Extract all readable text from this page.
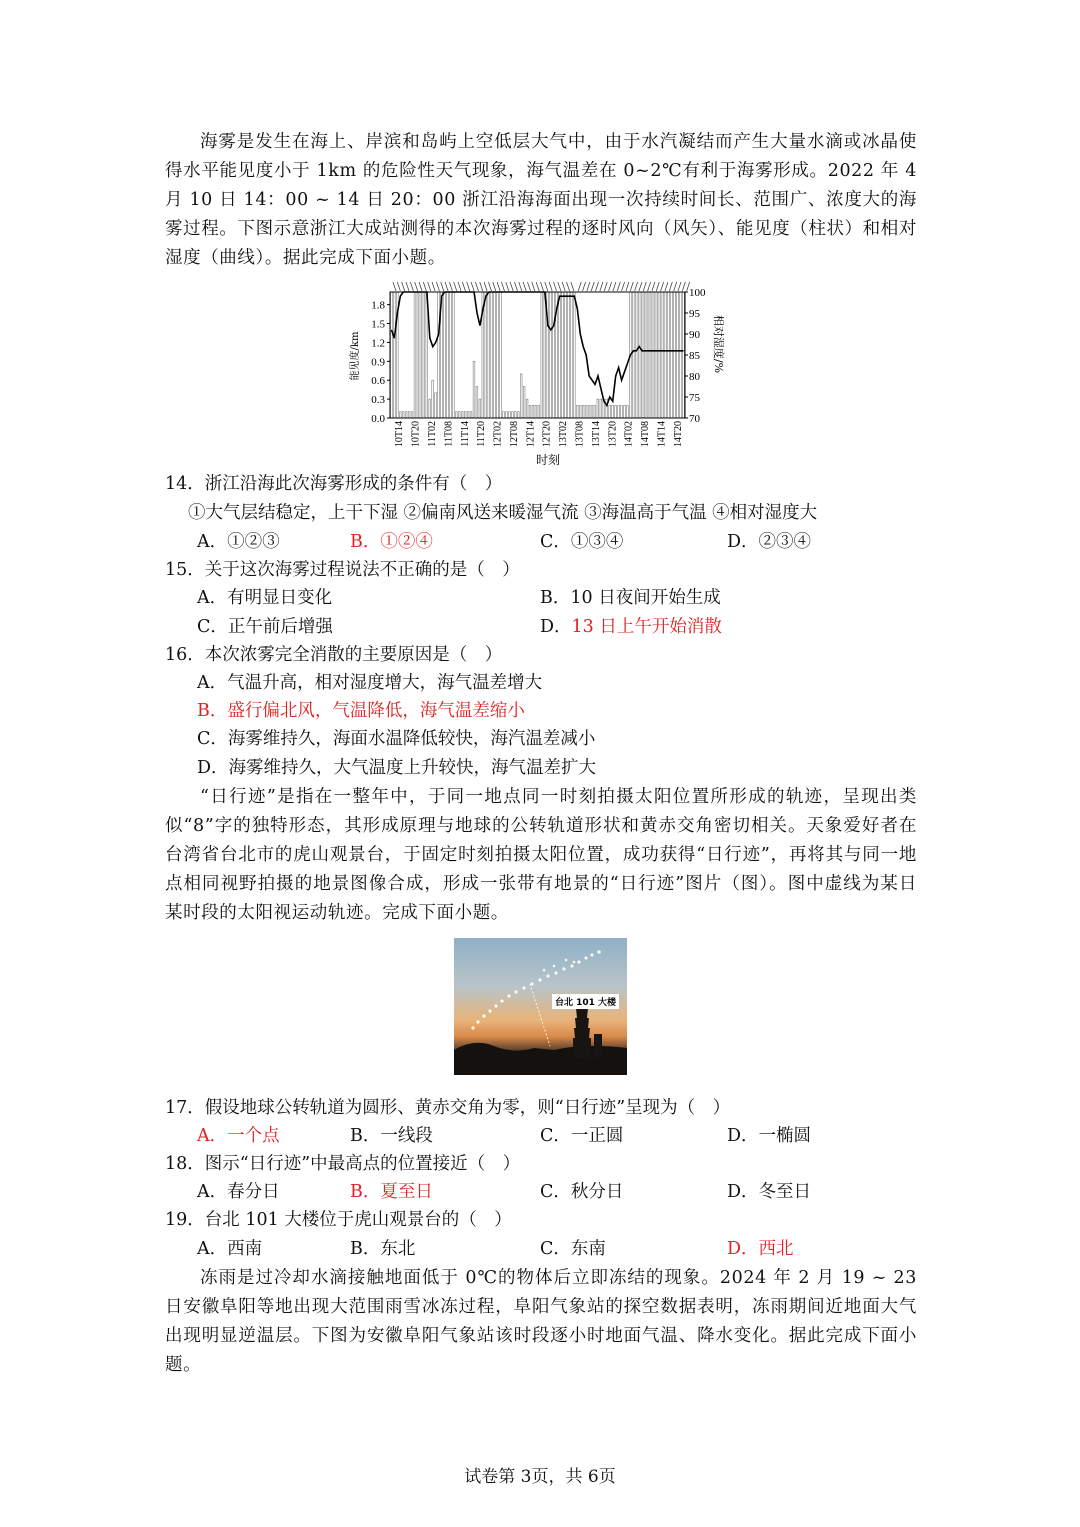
海雾是发生在海上、岸滨和岛屿上空低层大气中，由于水汽凝结而产生大量水滴或冰晶使得水平能见度小于 1km 的危险性天气现象，海气温差在 0~2℃有利于海雾形成。2022 年 4 月 10 日 14：00 ~ 14 日 20：00 浙江沿海海面出现一次持续时间长、范围广、浓度大的海雾过程。下图示意浙江大成站测得的本次海雾过程的逐时风向（风矢）、能见度（柱状）和相对湿度（曲线）。据此完成下面小题。
0.0
0.3
0.6
0.9
1.2
1.5
1.8
70
75
80
85
90
95
100
10T14 10T20 11T02 11T08 11T14 11T20 12T02 12T08 12T14 12T20 13T02 13T08 13T14 13T20 14T02 14T08 14T14 14T20
时刻
能见度/km	相对湿度/%
14．浙江沿海此次海雾形成的条件有（　）
①大气层结稳定，上干下湿 ②偏南风送来暖湿气流 ③海温高于气温 ④相对湿度大
A．①②③	B．①②④	C．①③④	D．②③④
15．关于这次海雾过程说法不正确的是（　）
A．有明显日变化	B．10 日夜间开始生成
C．正午前后增强	D．13 日上午开始消散
16．本次浓雾完全消散的主要原因是（　）
A．气温升高，相对湿度增大，海气温差增大
B．盛行偏北风，气温降低，海气温差缩小
C．海雾维持久，海面水温降低较快，海汽温差减小
D．海雾维持久，大气温度上升较快，海气温差扩大
“日行迹”是指在一整年中，于同一地点同一时刻拍摄太阳位置所形成的轨迹，呈现出类似“8”字的独特形态，其形成原理与地球的公转轨道形状和黄赤交角密切相关。天象爱好者在台湾省台北市的虎山观景台，于固定时刻拍摄太阳位置，成功获得“日行迹”，再将其与同一地点相同视野拍摄的地景图像合成，形成一张带有地景的“日行迹”图片（图）。图中虚线为某日某时段的太阳视运动轨迹。完成下面小题。
台北 101 大楼
17．假设地球公转轨道为圆形、黄赤交角为零，则“日行迹”呈现为（　）
A．一个点	B．一线段	C．一正圆	D．一椭圆
18．图示“日行迹”中最高点的位置接近（　）
A．春分日	B．夏至日	C．秋分日	D．冬至日
19．台北 101 大楼位于虎山观景台的（　）
A．西南	B．东北	C．东南	D．西北
冻雨是过冷却水滴接触地面低于 0℃的物体后立即冻结的现象。2024 年 2 月 19 ~ 23 日安徽阜阳等地出现大范围雨雪冰冻过程，阜阳气象站的探空数据表明，冻雨期间近地面大气出现明显逆温层。下图为安徽阜阳气象站该时段逐小时地面气温、降水变化。据此完成下面小题。
试卷第 3页，共 6页
